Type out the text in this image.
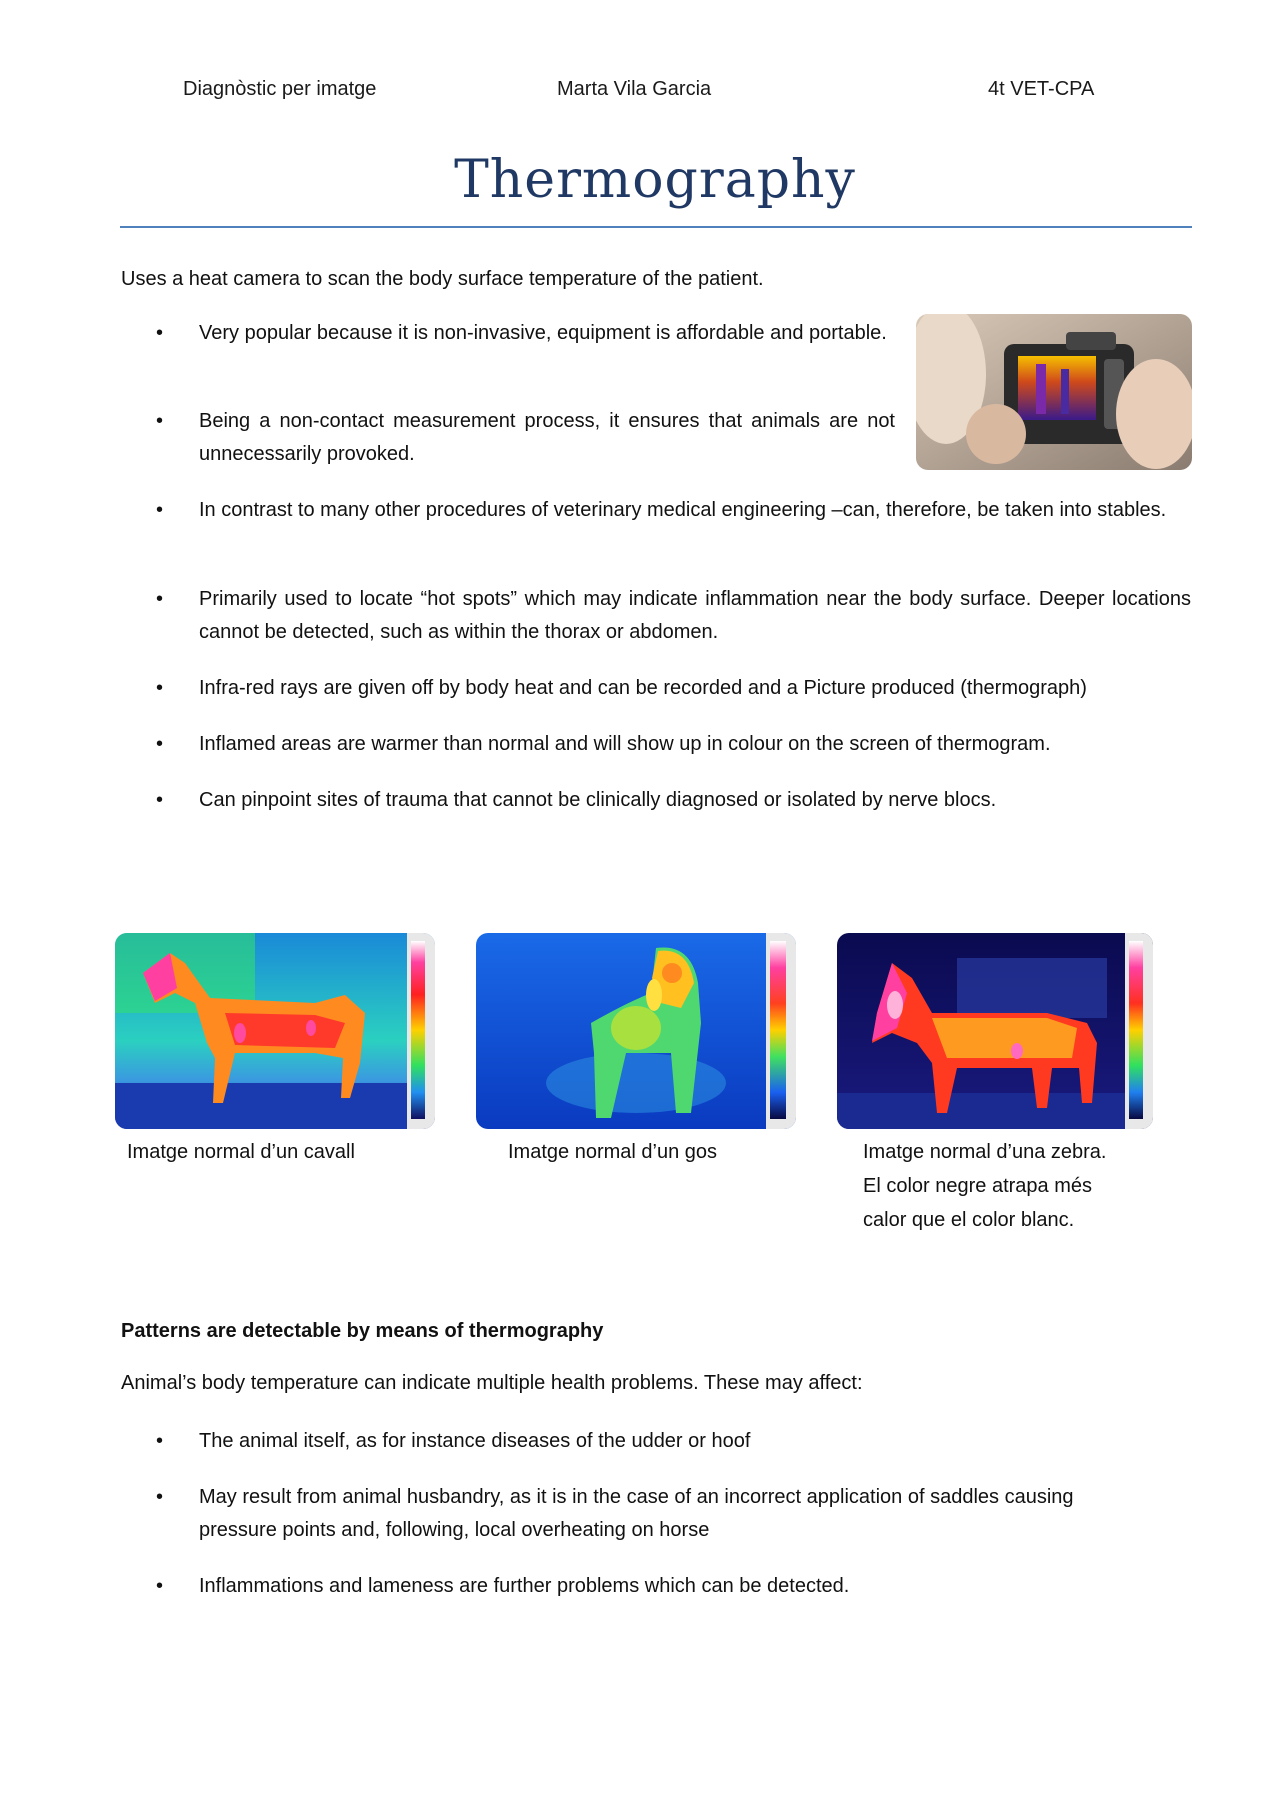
Diagnòstic per imatge	Marta Vila Garcia	4t VET-CPA
Thermography
Uses a heat camera to scan the body surface temperature of the patient.
• Very popular because it is non-invasive, equipment is affordable and portable.
• Being a non-contact measurement process, it ensures that animals are not unnecessarily provoked.
• In contrast to many other procedures of veterinary medical engineering –can, therefore, be taken into stables.
• Primarily used to locate “hot spots” which may indicate inflammation near the body surface. Deeper locations cannot be detected, such as within the thorax or abdomen.
• Infra-red rays are given off by body heat and can be recorded and a Picture produced (thermograph)
• Inflamed areas are warmer than normal and will show up in colour on the screen of thermogram.
• Can pinpoint sites of trauma that cannot be clinically diagnosed or isolated by nerve blocs.
Imatge normal d’un cavall	Imatge normal d’un gos	Imatge normal d’una zebra.
El color negre atrapa més
calor que el color blanc.
Patterns are detectable by means of thermography
Animal’s body temperature can indicate multiple health problems. These may affect:
• The animal itself, as for instance diseases of the udder or hoof
• May result from animal husbandry, as it is in the case of an incorrect application of saddles causing pressure points and, following, local overheating on horse
• Inflammations and lameness are further problems which can be detected.
